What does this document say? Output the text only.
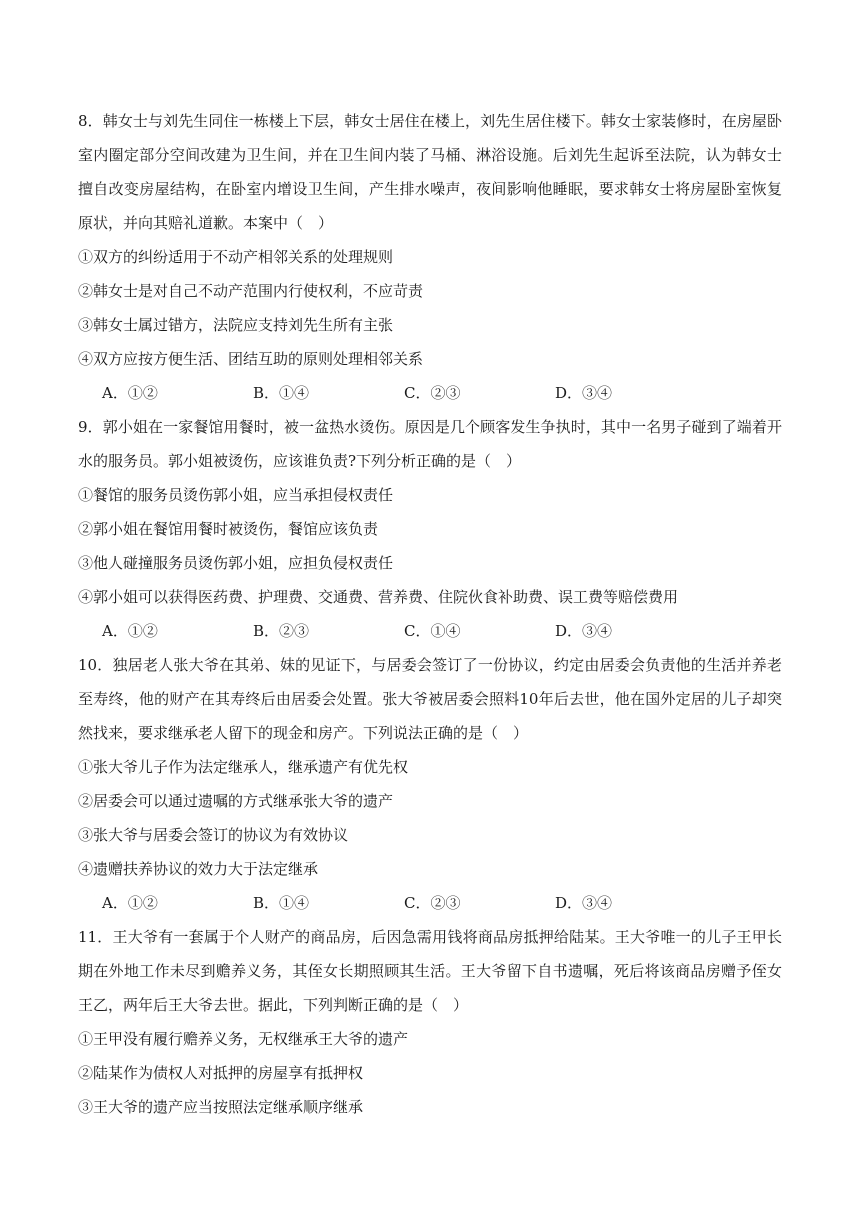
8．韩女士与刘先生同住一栋楼上下层，韩女士居住在楼上，刘先生居住楼下。韩女士家装修时，在房屋卧室内圈定部分空间改建为卫生间，并在卫生间内装了马桶、淋浴设施。后刘先生起诉至法院，认为韩女士擅自改变房屋结构，在卧室内增设卫生间，产生排水噪声，夜间影响他睡眠，要求韩女士将房屋卧室恢复原状，并向其赔礼道歉。本案中（　）

①双方的纠纷适用于不动产相邻关系的处理规则

②韩女士是对自己不动产范围内行使权利，不应苛责

③韩女士属过错方，法院应支持刘先生所有主张

④双方应按方便生活、团结互助的原则处理相邻关系

A．①②	B．①④	C．②③	D．③④

9．郭小姐在一家餐馆用餐时，被一盆热水烫伤。原因是几个顾客发生争执时，其中一名男子碰到了端着开水的服务员。郭小姐被烫伤，应该谁负责?下列分析正确的是（　）

①餐馆的服务员烫伤郭小姐，应当承担侵权责任

②郭小姐在餐馆用餐时被烫伤，餐馆应该负责

③他人碰撞服务员烫伤郭小姐，应担负侵权责任

④郭小姐可以获得医药费、护理费、交通费、营养费、住院伙食补助费、误工费等赔偿费用

A．①②	B．②③	C．①④	D．③④

10．独居老人张大爷在其弟、妹的见证下，与居委会签订了一份协议，约定由居委会负责他的生活并养老至寿终，他的财产在其寿终后由居委会处置。张大爷被居委会照料10年后去世，他在国外定居的儿子却突然找来，要求继承老人留下的现金和房产。下列说法正确的是（　）

①张大爷儿子作为法定继承人，继承遗产有优先权

②居委会可以通过遗嘱的方式继承张大爷的遗产

③张大爷与居委会签订的协议为有效协议

④遗赠扶养协议的效力大于法定继承

A．①②	B．①④	C．②③	D．③④

11．王大爷有一套属于个人财产的商品房，后因急需用钱将商品房抵押给陆某。王大爷唯一的儿子王甲长期在外地工作未尽到赡养义务，其侄女长期照顾其生活。王大爷留下自书遗嘱，死后将该商品房赠予侄女王乙，两年后王大爷去世。据此，下列判断正确的是（　）

①王甲没有履行赡养义务，无权继承王大爷的遗产

②陆某作为债权人对抵押的房屋享有抵押权

③王大爷的遗产应当按照法定继承顺序继承
